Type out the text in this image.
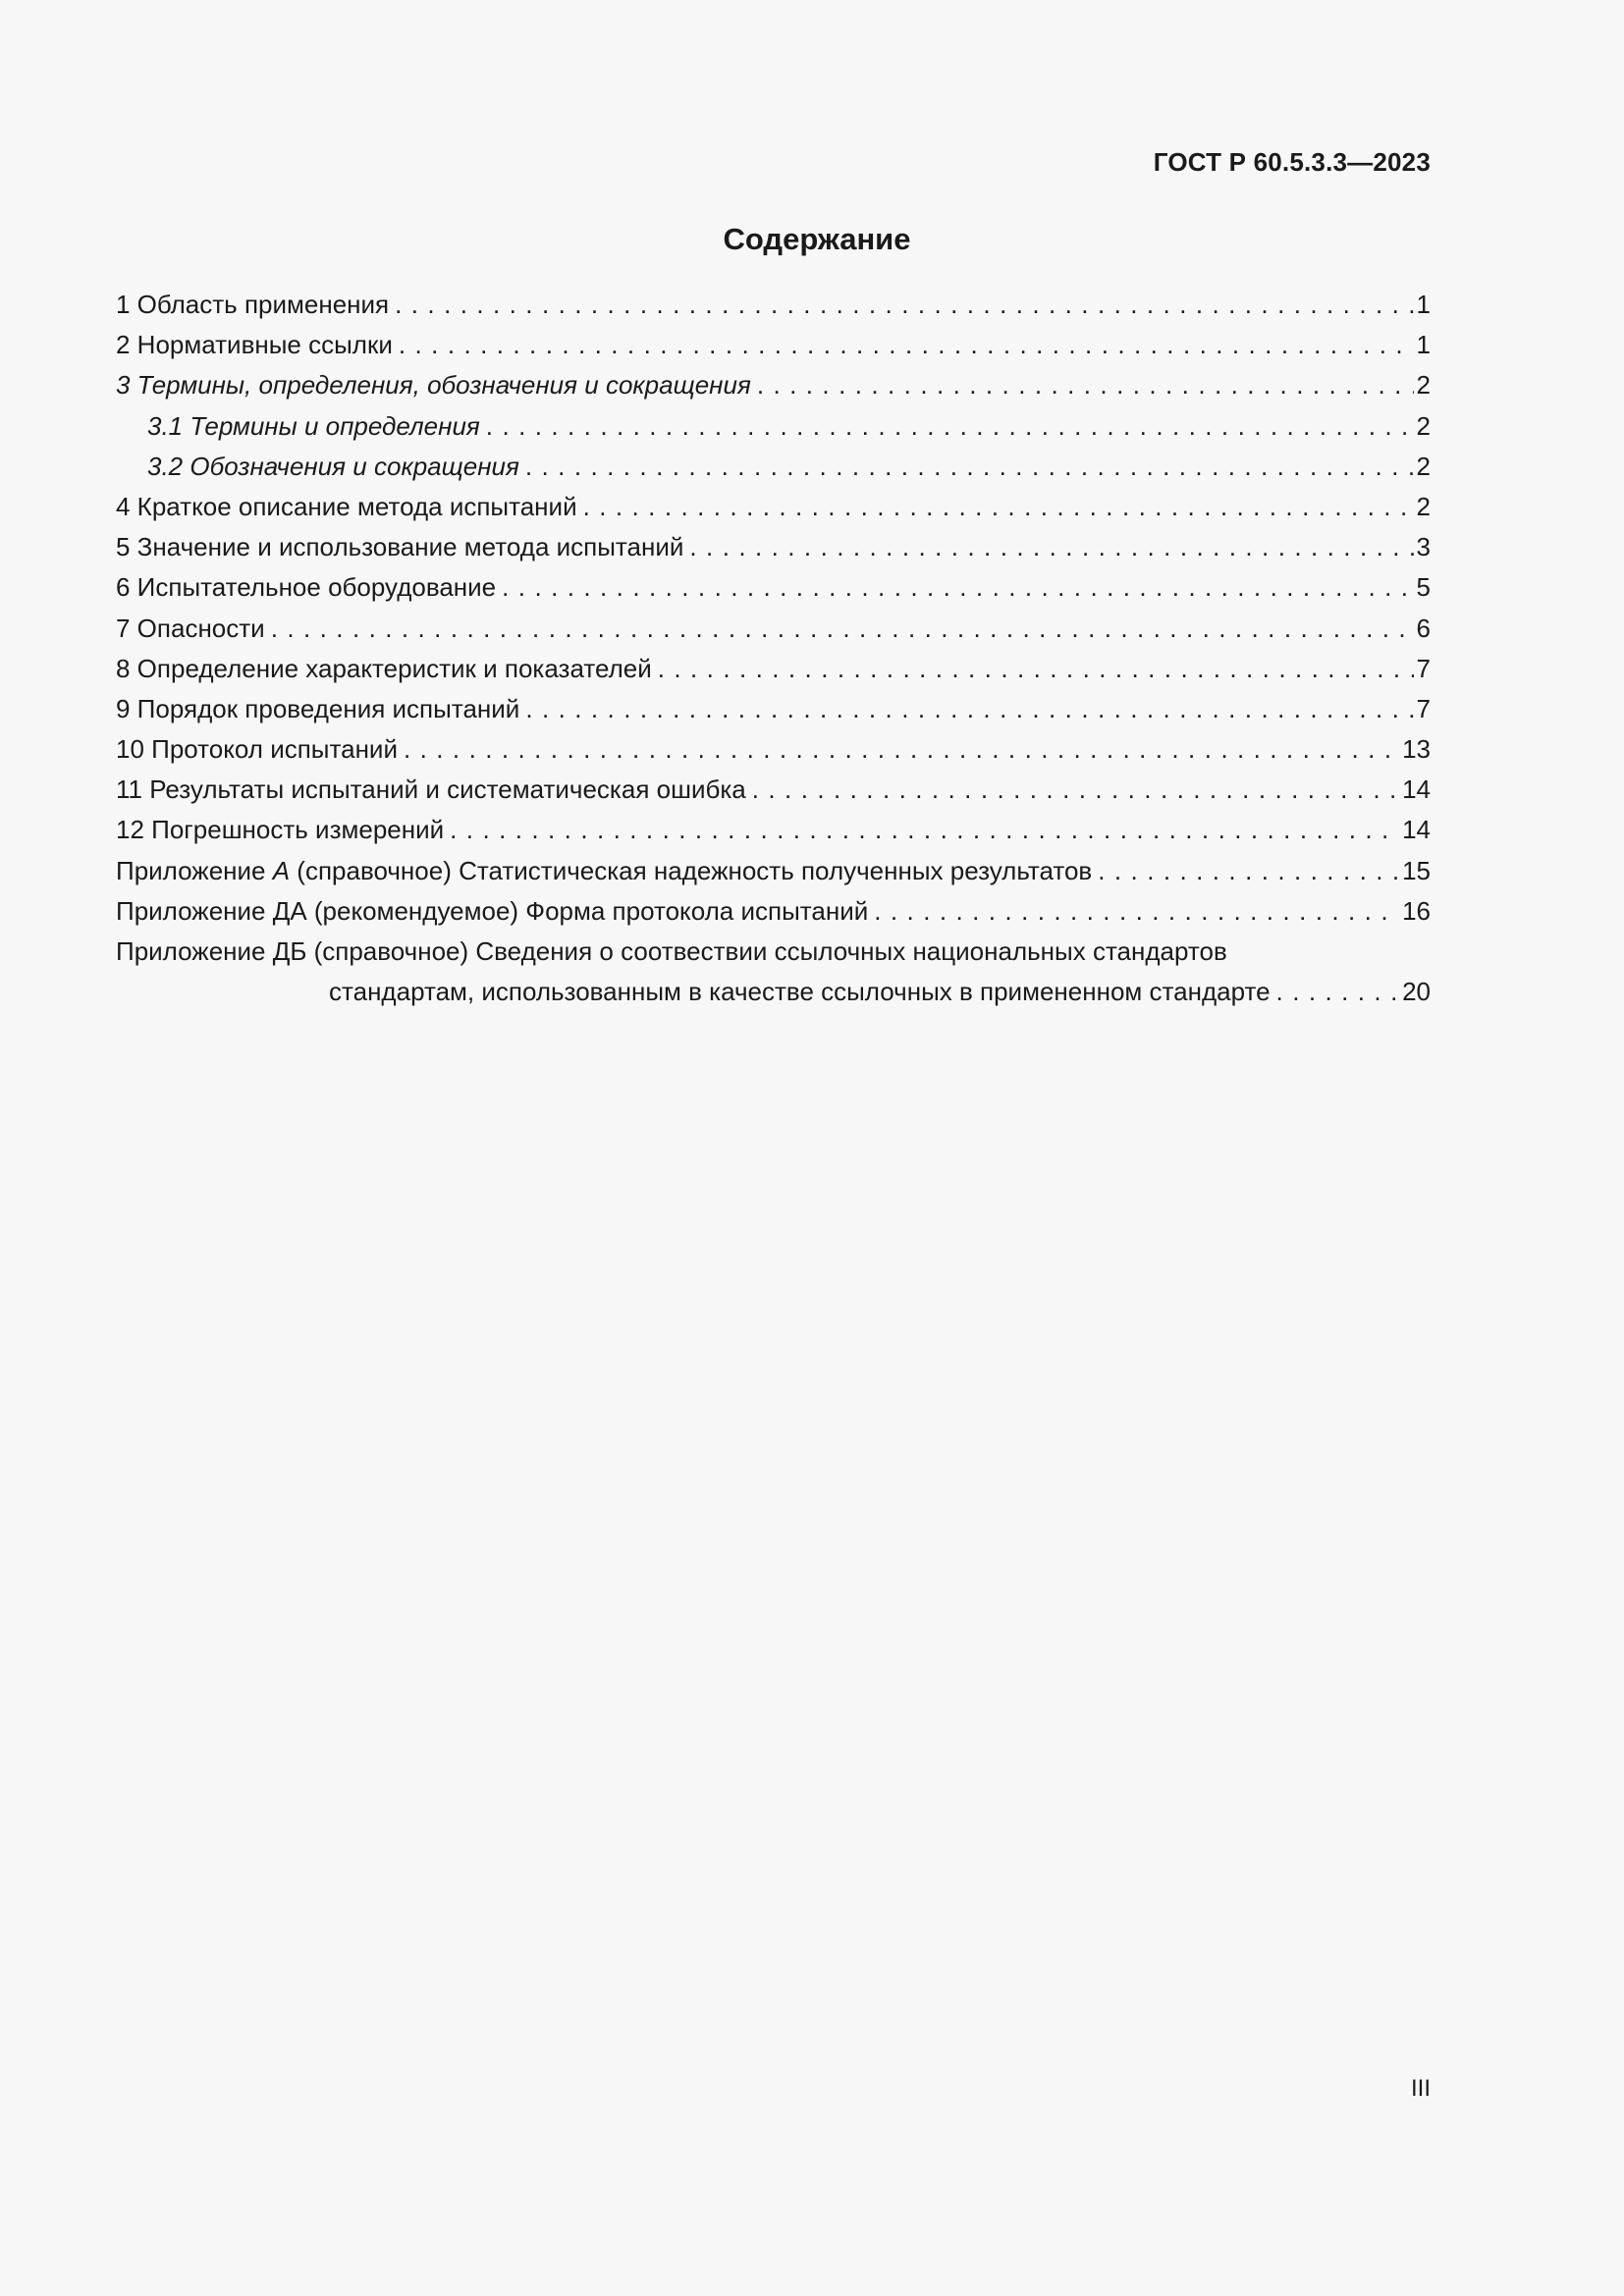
ГОСТ Р 60.5.3.3—2023
Содержание
1 Область применения . . .	1
2 Нормативные ссылки . . .	1
3 Термины, определения, обозначения и сокращения . . .	2
3.1 Термины и определения . . .	2
3.2 Обозначения и сокращения . . .	2
4 Краткое описание метода испытаний . . .	2
5 Значение и использование метода испытаний . . .	3
6 Испытательное оборудование . . .	5
7 Опасности . . .	6
8 Определение характеристик и показателей . . .	7
9 Порядок проведения испытаний . . .	7
10 Протокол испытаний . . .	13
11 Результаты испытаний и систематическая ошибка . . .	14
12 Погрешность измерений . . .	14
Приложение А (справочное) Статистическая надежность полученных результатов . . .	15
Приложение ДА (рекомендуемое) Форма протокола испытаний . . .	16
Приложение ДБ (справочное) Сведения о соотвествии ссылочных национальных стандартов
стандартам, использованным в качестве ссылочных в примененном стандарте . . .	20
III
